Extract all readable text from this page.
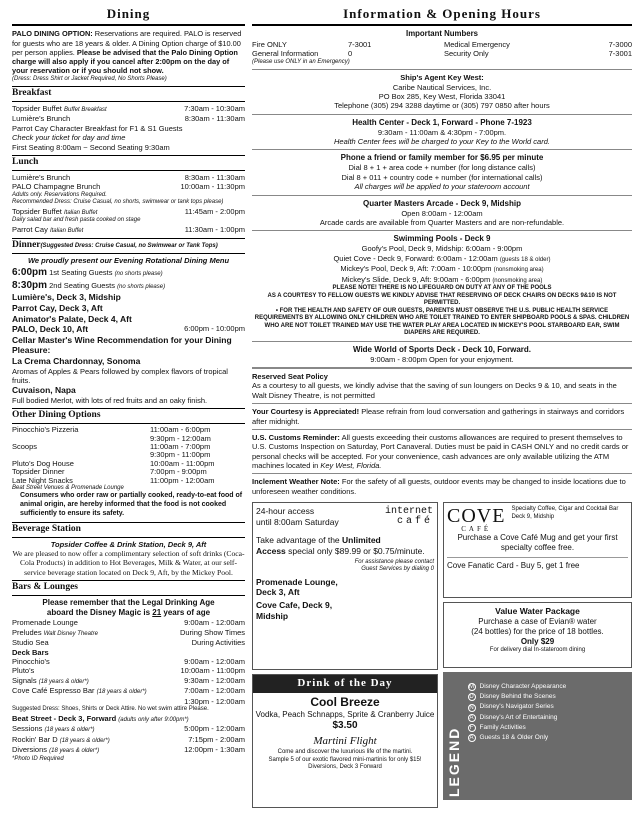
Dining
PALO DINING OPTION: Reservations are required. PALO is reserved for guests who are 18 years & older. A Dining Option charge of $10.00 per person applies. Please be advised that the Palo Dining Option charge will also apply if you cancel after 2:00pm on the day of your reservation or if you should not show.
(Dress: Dress Shirt or Jacket Required, No Shorts Please)
Breakfast
Topsider Buffet Buffet Breakfast	7:30am - 10:30am
Lumière's Brunch	8:30am - 11:30am
Parrot Cay Character Breakfast for F1 & S1 Guests
Check your ticket for day and time
First Seating 8:00am ~ Second Seating 9:30am
Lunch
Lumière's Brunch	8:30am - 11:30am
PALO Champagne Brunch	10:00am - 11:30pm
Adults only. Reservations Required.
Recommended Dress: Cruise Casual, no shorts, swimwear or tank tops please)
Topsider Buffet Italian Buffet	11:45am - 2:00pm
Daily salad bar and fresh pasta cooked on stage
Parrot Cay Italian Buffet	11:30am - 1:00pm
Dinner(Suggested Dress: Cruise Casual, no Swimwear or Tank Tops)
We proudly present our Evening Rotational Dining Menu
6:00pm 1st Seating Guests (no shorts please)
8:30pm 2nd Seating Guests (no shorts please)
Lumière's, Deck 3, Midship
Parrot Cay, Deck 3, Aft
Animator's Palate, Deck 4, Aft
PALO, Deck 10, Aft	6:00pm - 10:00pm
Cellar Master's Wine Recommendation for your Dining Pleasure:
La Crema Chardonnay, Sonoma
Aromas of Apples & Pears followed by complex flavors of tropical fruits.
Cuvaison, Napa
Full bodied Merlot, with lots of red fruits and an oaky finish.
Other Dining Options
Pinocchio's Pizzeria	11:00am - 6:00pm
9:30pm - 12:00am
Scoops	11:00am - 7:00pm
9:30pm - 11:00pm
Pluto's Dog House	10:00am - 11:00pm
Topsider Dinner	7:00pm - 9:00pm
Late Night Snacks	11:00pm - 12:00am
Beat Street Venues & Promenade Lounge
Consumers who order raw or partially cooked, ready-to-eat food of animal origin, are hereby informed that the food is not cooked sufficiently to ensure its safety.
Beverage Station
Topsider Coffee & Drink Station, Deck 9, Aft
We are pleased to now offer a complimentary selection of soft drinks (Coca-Cola Products) in addition to Hot Beverages, Milk & Water, at our self-service beverage station located on Deck 9, Aft, by the Mickey Pool.
Bars & Lounges
Please remember that the Legal Drinking Age
aboard the Disney Magic is 21 years of age
Promenade Lounge	9:00am - 12:00am
Preludes Walt Disney Theatre	During Show Times
Studio Sea	During Activities
Deck Bars
Pinocchio's	9:00am - 12:00am
Pluto's	10:00am - 11:00pm
Signals (18 years & older*)	9:30am - 12:00am
Cove Café Espresso Bar (18 years & older*)	7:00am - 12:00am
1:30pm - 12:00am
Suggested Dress: Shoes, Shirts or Deck Attire. No wet swim attire Please.
Beat Street - Deck 3, Forward (adults only after 9:00pm*)
Sessions (18 years & older*)	5:00pm - 12:00am
Rockin' Bar D (18 years & older*)	7:15pm - 2:00am
Diversions (18 years & older*)	12:00pm - 1:30am
*Photo ID Required
Information & Opening Hours
Important Numbers
Fire ONLY	7-3001	Medical Emergency	7-3000
General Information	0	Security Only	7-3001
(Please use ONLY in an Emergency)
Ship's Agent Key West:
Caribe Nautical Services, Inc.
PO Box 285, Key West, Florida 33041
Telephone (305) 294 3288 daytime or (305) 797 0850 after hours
Health Center - Deck 1, Forward - Phone 7-1923
9:30am - 11:00am & 4:30pm - 7:00pm.
Health Center fees will be charged to your Key to the World card.
Phone a friend or family member for $6.95 per minute
Dial 8 + 1 + area code + number (for long distance calls)
Dial 8 + 011 + country code + number (for international calls)
All charges will be applied to your stateroom account
Quarter Masters Arcade - Deck 9, Midship
Open 8:00am - 12:00am
Arcade cards are available from Quarter Masters and are non-refundable.
Swimming Pools - Deck 9
Goofy's Pool, Deck 9, Midship: 6:00am - 9:00pm
Quiet Cove - Deck 9, Forward: 6:00am - 12:00am (guests 18 & older)
Mickey's Pool, Deck 9, Aft: 7:00am - 10:00pm (nonsmoking area)
Mickey's Slide, Deck 9, Aft: 9:00am - 6:00pm (nonsmoking area)
PLEASE NOTE! THERE IS NO LIFEGUARD ON DUTY AT ANY OF THE POOLS
AS A COURTESY TO FELLOW GUESTS WE KINDLY ADVISE THAT RESERVING OF DECK CHAIRS ON DECKS 9&10 IS NOT PERMITTED.
• FOR THE HEALTH AND SAFETY OF OUR GUESTS, PARENTS MUST OBSERVE THE U.S. PUBLIC HEALTH SERVICE REQUIREMENTS BY ALLOWING ONLY CHILDREN WHO ARE TOILET TRAINED TO ENTER SHIPBOARD POOLS & SPAS. CHILDREN WHO ARE NOT TOILET TRAINED MAY USE THE WATER PLAY AREA LOCATED IN MICKEY'S POOL STARBOARD EAR, SWIM DIAPERS ARE REQUIRED.
Wide World of Sports Deck - Deck 10, Forward.
9:00am - 8:00pm Open for your enjoyment.
Reserved Seat Policy
As a courtesy to all guests, we kindly advise that the saving of sun loungers on Decks 9 & 10, and seats in the Walt Disney Theatre, is not permitted
Your Courtesy is Appreciated! Please refrain from loud conversation and gatherings in stairways and corridors after midnight.
U.S. Customs Reminder: All guests exceeding their customs allowances are required to present themselves to U.S. Customs Inspection on Saturday, Port Canaveral. Duties must be paid in CASH ONLY and no credit cards or personal checks will be accepted. For your convenience, cash advances are only available utilizing the ATM machines located in Key West, Florida.
Inclement Weather Note: For the safety of all guests, outdoor events may be changed to inside locations due to unforeseen weather conditions.
internet
café
24-hour access
until 8:00am Saturday
Take advantage of the Unlimited
Access special only $89.99 or $0.75/minute.
For assistance please contact Guest Services by dialing 0
Promenade Lounge, Deck 3, Aft
Cove Cafe, Deck 9, Midship
Drink of the Day
Cool Breeze
Vodka, Peach Schnapps, Sprite & Cranberry Juice
$3.50
Martini Flight
Come and discover the luxurious life of the martini.
Sample 5 of our exotic flavored mini-martinis for only $15!
Diversions, Deck 3 Forward
COVE
CAFÉ
Specialty Coffee, Cigar and Cocktail Bar
Deck 9, Midship
Purchase a Cove Café Mug and get your first specialty coffee free.
Cove Fanatic Card - Buy 5, get 1 free
Value Water Package
Purchase a case of Evian® water
(24 bottles) for the price of 18 bottles.
Only $29
For delivery dial In-stateroom dining
LEGEND
M Disney Character Appearance
D Disney Behind the Scenes
N Disney's Navigator Series
A Disney's Art of Entertaining
F Family Activities
A Guests 18 & Older Only
